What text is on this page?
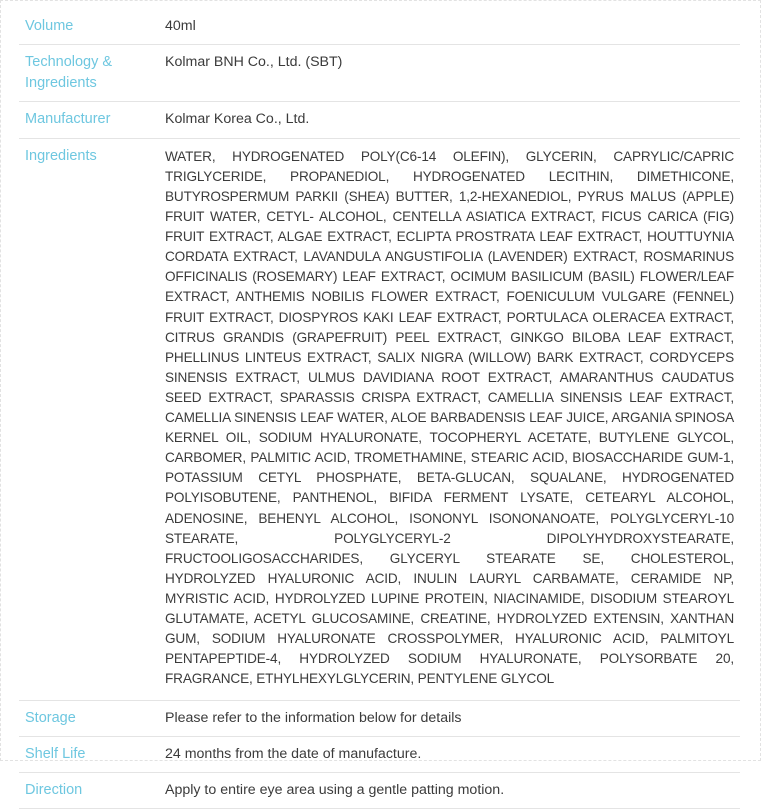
Volume	40ml
Technology & Ingredients	Kolmar BNH Co., Ltd. (SBT)
Manufacturer	Kolmar Korea Co., Ltd.
Ingredients	WATER, HYDROGENATED POLY(C6-14 OLEFIN), GLYCERIN, CAPRYLIC/CAPRIC TRIGLYCERIDE, PROPANEDIOL, HYDROGENATED LECITHIN, DIMETHICONE, BUTYROSPERMUM PARKII (SHEA) BUTTER, 1,2-HEXANEDIOL, PYRUS MALUS (APPLE) FRUIT WATER, CETYL- ALCOHOL, CENTELLA ASIATICA EXTRACT, FICUS CARICA (FIG) FRUIT EXTRACT, ALGAE EXTRACT, ECLIPTA PROSTRATA LEAF EXTRACT, HOUTTUYNIA CORDATA EXTRACT, LAVANDULA ANGUSTIFOLIA (LAVENDER) EXTRACT, ROSMARINUS OFFICINALIS (ROSEMARY) LEAF EXTRACT, OCIMUM BASILICUM (BASIL) FLOWER/LEAF EXTRACT, ANTHEMIS NOBILIS FLOWER EXTRACT, FOENICULUM VULGARE (FENNEL) FRUIT EXTRACT, DIOSPYROS KAKI LEAF EXTRACT, PORTULACA OLERACEA EXTRACT, CITRUS GRANDIS (GRAPEFRUIT) PEEL EXTRACT, GINKGO BILOBA LEAF EXTRACT, PHELLINUS LINTEUS EXTRACT, SALIX NIGRA (WILLOW) BARK EXTRACT, CORDYCEPS SINENSIS EXTRACT, ULMUS DAVIDIANA ROOT EXTRACT, AMARANTHUS CAUDATUS SEED EXTRACT, SPARASSIS CRISPA EXTRACT, CAMELLIA SINENSIS LEAF EXTRACT, CAMELLIA SINENSIS LEAF WATER, ALOE BARBADENSIS LEAF JUICE, ARGANIA SPINOSA KERNEL OIL, SODIUM HYALURONATE, TOCOPHERYL ACETATE, BUTYLENE GLYCOL, CARBOMER, PALMITIC ACID, TROMETHAMINE, STEARIC ACID, BIOSACCHARIDE GUM-1, POTASSIUM CETYL PHOSPHATE, BETA-GLUCAN, SQUALANE, HYDROGENATED POLYISOBUTENE, PANTHENOL, BIFIDA FERMENT LYSATE, CETEARYL ALCOHOL, ADENOSINE, BEHENYL ALCOHOL, ISONONYL ISONONANOATE, POLYGLYCERYL-10 STEARATE, POLYGLYCERYL-2 DIPOLYHYDROXYSTEARATE, FRUCTOOLIGOSACCHARIDES, GLYCERYL STEARATE SE, CHOLESTEROL, HYDROLYZED HYALURONIC ACID, INULIN LAURYL CARBAMATE, CERAMIDE NP, MYRISTIC ACID, HYDROLYZED LUPINE PROTEIN, NIACINAMIDE, DISODIUM STEAROYL GLUTAMATE, ACETYL GLUCOSAMINE, CREATINE, HYDROLYZED EXTENSIN, XANTHAN GUM, SODIUM HYALURONATE CROSSPOLYMER, HYALURONIC ACID, PALMITOYL PENTAPEPTIDE-4, HYDROLYZED SODIUM HYALURONATE, POLYSORBATE 20, FRAGRANCE, ETHYLHEXYLGLYCERIN, PENTYLENE GLYCOL
Storage	Please refer to the information below for details
Shelf Life	24 months from the date of manufacture.
Direction	Apply to entire eye area using a gentle patting motion.
